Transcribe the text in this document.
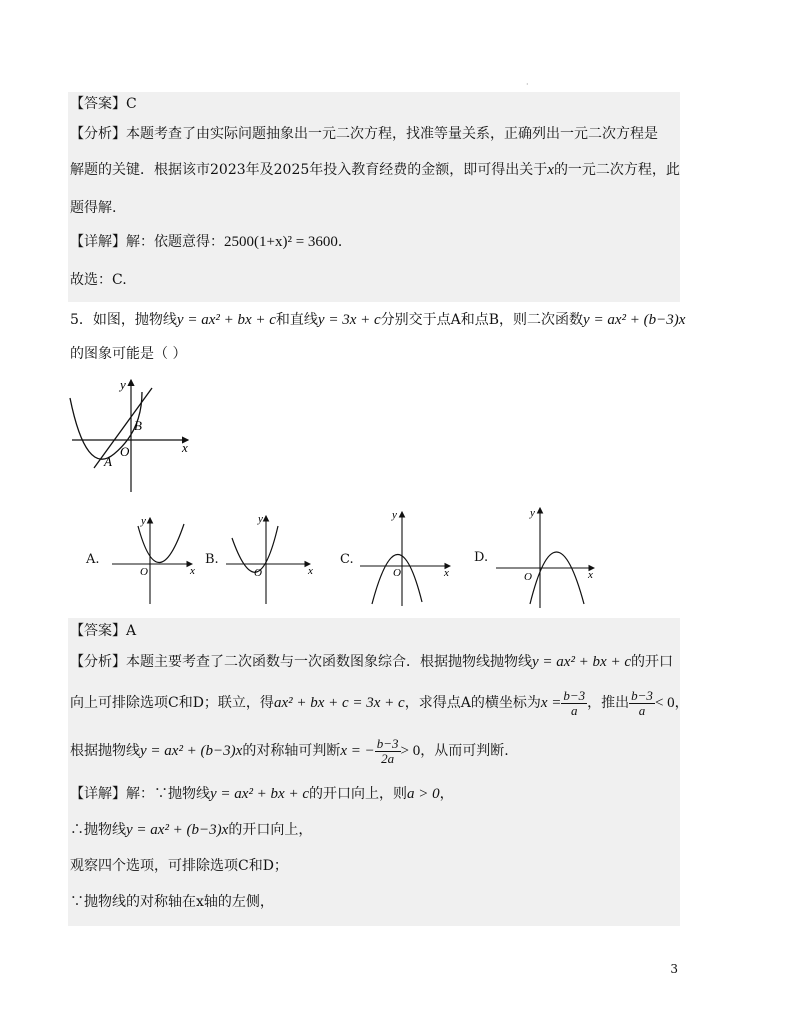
·
【答案】C
【分析】本题考查了由实际问题抽象出一元二次方程，找准等量关系，正确列出一元二次方程是
解题的关键．根据该市2023年及2025年投入教育经费的金额，即可得出关于x的一元二次方程，此
题得解.
【详解】解：依题意得：2500(1+x)² = 3600．
故选：C.
5．如图，抛物线y = ax² + bx + c和直线y = 3x + c分别交于点A和点B，则二次函数y = ax² + (b−3)x
的图象可能是（ ）
y
x
O
A
B
A.
y
x
O
B.
y
x
O
C.
y
x
O
D.
y
x
O
【答案】A
【分析】本题主要考查了二次函数与一次函数图象综合．根据抛物线抛物线y = ax² + bx + c的开口
向上可排除选项C和D；联立，得ax² + bx + c = 3x + c，求得点A的横坐标为$x = \frac{b-3}{a}$ ，推出 $\frac{b-3}{a} < 0$，
根据抛物线y = ax² + (b−3)x的对称轴可判断x = − $\frac{b-3}{2a} > 0$，从而可判断.
【详解】解：∵抛物线y = ax² + bx + c的开口向上，则a > 0，
∴抛物线y = ax² + (b−3)x的开口向上，
观察四个选项，可排除选项C和D；
∵抛物线的对称轴在x轴的左侧，
3
